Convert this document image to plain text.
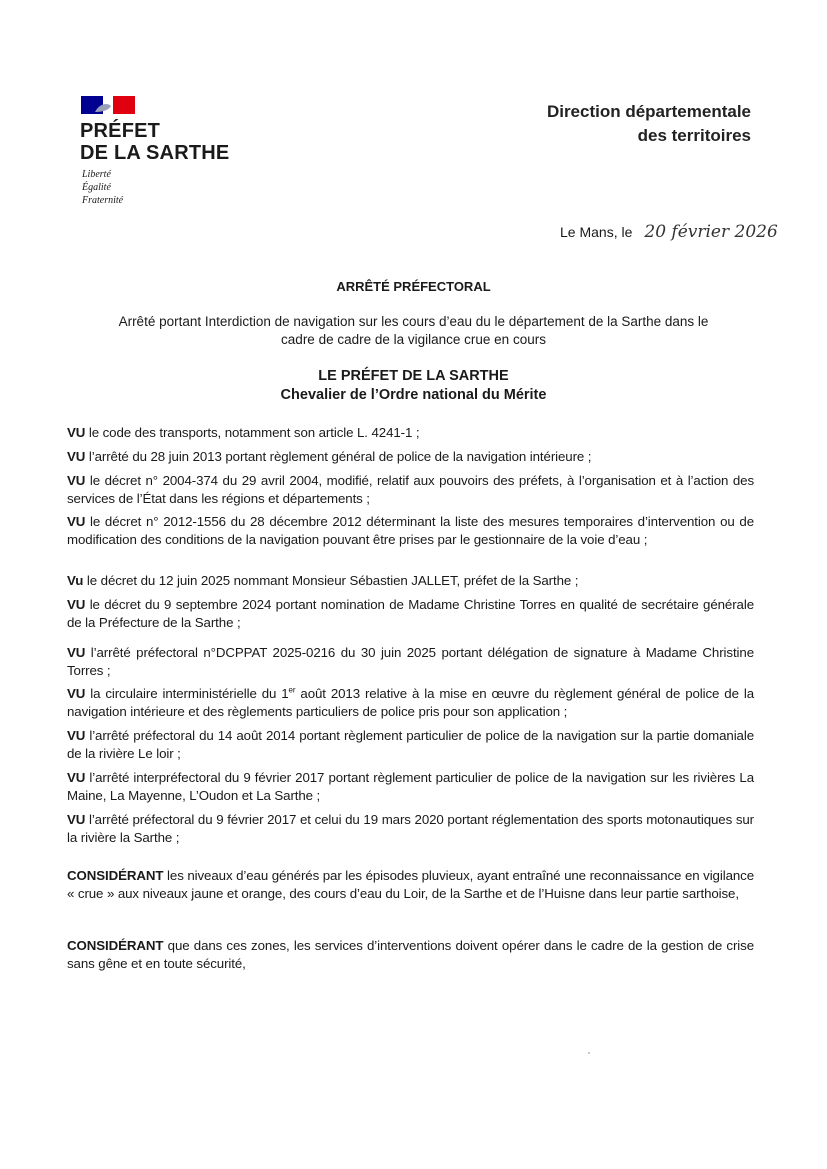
PRÉFET
DE LA SARTHE
Liberté
Égalité
Fraternité
Direction départementale
des territoires
Le Mans, le 20 février 2026
ARRÊTÉ PRÉFECTORAL
Arrêté portant Interdiction de navigation sur les cours d’eau du le département de la Sarthe dans le
cadre de cadre de la vigilance crue en cours
LE PRÉFET DE LA SARTHE
Chevalier de l’Ordre national du Mérite
VU le code des transports, notamment son article L. 4241-1 ;
VU l’arrêté du 28 juin 2013 portant règlement général de police de la navigation intérieure ;
VU le décret n° 2004-374 du 29 avril 2004, modifié, relatif aux pouvoirs des préfets, à l’organisation et à l’action des services de l’État dans les régions et départements ;
VU le décret n° 2012-1556 du 28 décembre 2012 déterminant la liste des mesures temporaires d’intervention ou de modification des conditions de la navigation pouvant être prises par le gestionnaire de la voie d’eau ;
Vu le décret du 12 juin 2025 nommant Monsieur Sébastien JALLET, préfet de la Sarthe ;
VU le décret du 9 septembre 2024 portant nomination de Madame Christine Torres en qualité de secrétaire générale de la Préfecture de la Sarthe ;
VU l’arrêté préfectoral n°DCPPAT 2025-0216 du 30 juin 2025 portant délégation de signature à Madame Christine Torres ;
VU la circulaire interministérielle du 1er août 2013 relative à la mise en œuvre du règlement général de police de la navigation intérieure et des règlements particuliers de police pris pour son application ;
VU l’arrêté préfectoral du 14 août 2014 portant règlement particulier de police de la navigation sur la partie domaniale de la rivière Le loir ;
VU l’arrêté interpréfectoral du 9 février 2017 portant règlement particulier de police de la navigation sur les rivières La Maine, La Mayenne, L’Oudon et La Sarthe ;
VU l’arrêté préfectoral du 9 février 2017 et celui du 19 mars 2020 portant réglementation des sports motonautiques sur la rivière la Sarthe ;
CONSIDÉRANT les niveaux d’eau générés par les épisodes pluvieux, ayant entraîné une reconnaissance en vigilance « crue » aux niveaux jaune et orange, des cours d’eau du Loir, de la Sarthe et de l’Huisne dans leur partie sarthoise,
CONSIDÉRANT que dans ces zones, les services d’interventions doivent opérer dans le cadre de la gestion de crise sans gêne et en toute sécurité,
